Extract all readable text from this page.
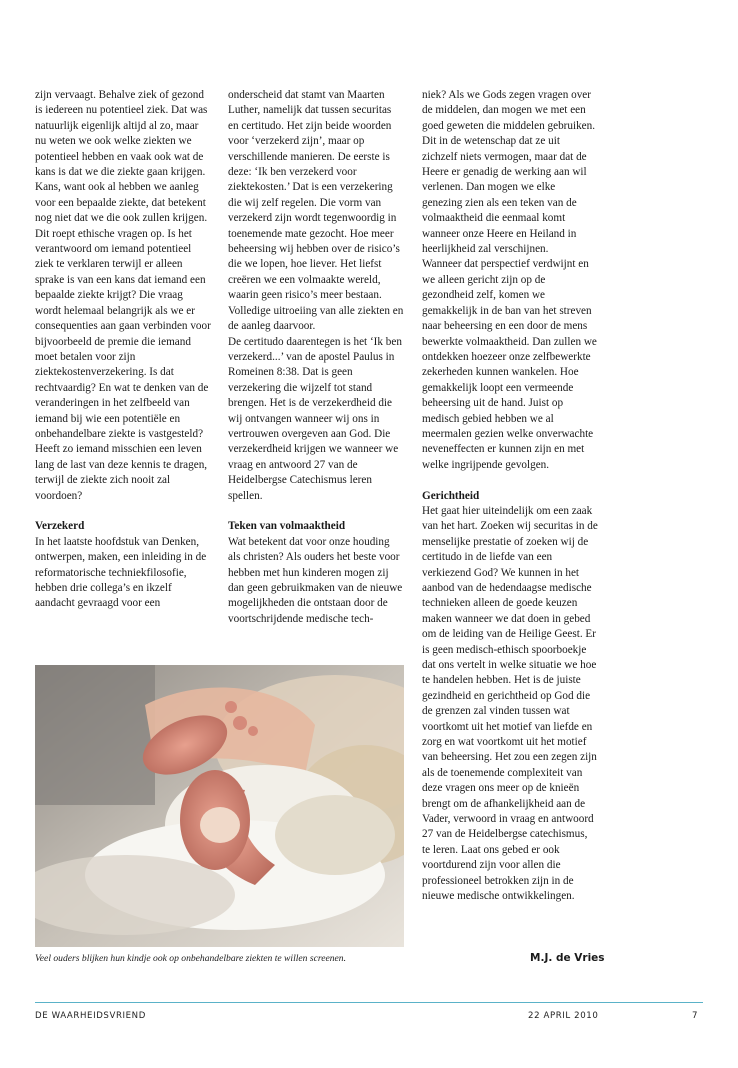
zijn vervaagt. Behalve ziek of gezond is iedereen nu potentieel ziek. Dat was natuurlijk eigenlijk altijd al zo, maar nu weten we ook welke ziekten we potentieel hebben en vaak ook wat de kans is dat we die ziekte gaan krijgen. Kans, want ook al hebben we aanleg voor een bepaalde ziekte, dat betekent nog niet dat we die ook zullen krijgen.

Dit roept ethische vragen op. Is het verantwoord om iemand potentieel ziek te verklaren terwijl er alleen sprake is van een kans dat iemand een bepaalde ziekte krijgt? Die vraag wordt helemaal belangrijk als we er consequenties aan gaan verbinden voor bijvoorbeeld de premie die iemand moet betalen voor zijn ziektekostenverzekering. Is dat rechtvaardig? En wat te denken van de veranderingen in het zelfbeeld van iemand bij wie een potentiële en onbehandelbare ziekte is vastgesteld? Heeft zo iemand misschien een leven lang de last van deze kennis te dragen, terwijl de ziekte zich nooit zal voordoen?

Verzekerd

In het laatste hoofdstuk van Denken, ontwerpen, maken, een inleiding in de reformatorische techniekfilosofie, hebben drie collega’s en ikzelf aandacht gevraagd voor een

onderscheid dat stamt van Maarten Luther, namelijk dat tussen securitas en certitudo. Het zijn beide woorden voor ‘verzekerd zijn’, maar op verschillende manieren. De eerste is deze: ‘Ik ben verzekerd voor ziektekosten.’ Dat is een verzekering die wij zelf regelen. Die vorm van verzekerd zijn wordt tegenwoordig in toenemende mate gezocht. Hoe meer beheersing wij hebben over de risico’s die we lopen, hoe liever. Het liefst creëren we een volmaakte wereld, waarin geen risico’s meer bestaan. Volledige uitroeiing van alle ziekten en de aanleg daarvoor.

De certitudo daarentegen is het ‘Ik ben verzekerd...’ van de apostel Paulus in Romeinen 8:38. Dat is geen verzekering die wijzelf tot stand brengen. Het is de verzekerdheid die wij ontvangen wanneer wij ons in vertrouwen overgeven aan God. Die verzekerdheid krijgen we wanneer we vraag en antwoord 27 van de Heidelbergse Catechismus leren spellen.

Teken van volmaaktheid

Wat betekent dat voor onze houding als christen? Als ouders het beste voor hebben met hun kinderen mogen zij dan geen gebruikmaken van de nieuwe mogelijkheden die ontstaan door de voortschrijdende medische tech-

niek? Als we Gods zegen vragen over de middelen, dan mogen we met een goed geweten die middelen gebruiken. Dit in de wetenschap dat ze uit zichzelf niets vermogen, maar dat de Heere er genadig de werking aan wil verlenen. Dan mogen we elke genezing zien als een teken van de volmaaktheid die eenmaal komt wanneer onze Heere en Heiland in heerlijkheid zal verschijnen.

Wanneer dat perspectief verdwijnt en we alleen gericht zijn op de gezondheid zelf, komen we gemakkelijk in de ban van het streven naar beheersing en een door de mens bewerkte volmaaktheid. Dan zullen we ontdekken hoezeer onze zelfbewerkte zekerheden kunnen wankelen. Hoe gemakkelijk loopt een vermeende beheersing uit de hand. Juist op medisch gebied hebben we al meermalen gezien welke onverwachte neveneffecten er kunnen zijn en met welke ingrijpende gevolgen.

Gerichtheid

Het gaat hier uiteindelijk om een zaak van het hart. Zoeken wij securitas in de menselijke prestatie of zoeken wij de certitudo in de liefde van een verkiezend God? We kunnen in het aanbod van de hedendaagse medische technieken alleen de goede keuzen maken wanneer we dat doen in gebed om de leiding van de Heilige Geest. Er is geen medisch-ethisch spoorboekje dat ons vertelt in welke situatie we hoe te handelen hebben. Het is de juiste gezindheid en gerichtheid op God die de grenzen zal vinden tussen wat voortkomt uit het motief van liefde en zorg en wat voortkomt uit het motief van beheersing. Het zou een zegen zijn als de toenemende complexiteit van deze vragen ons meer op de knieën brengt om de afhankelijkheid aan de Vader, verwoord in vraag en antwoord 27 van de Heidelbergse catechismus, te leren. Laat ons gebed er ook voortdurend zijn voor allen die professioneel betrokken zijn in de nieuwe medische ontwikkelingen.

Veel ouders blijken hun kindje ook op onbehandelbare ziekten te willen screenen.	M.J. de Vries
DE WAARHEIDSVRIEND	22 APRIL 2010	7
